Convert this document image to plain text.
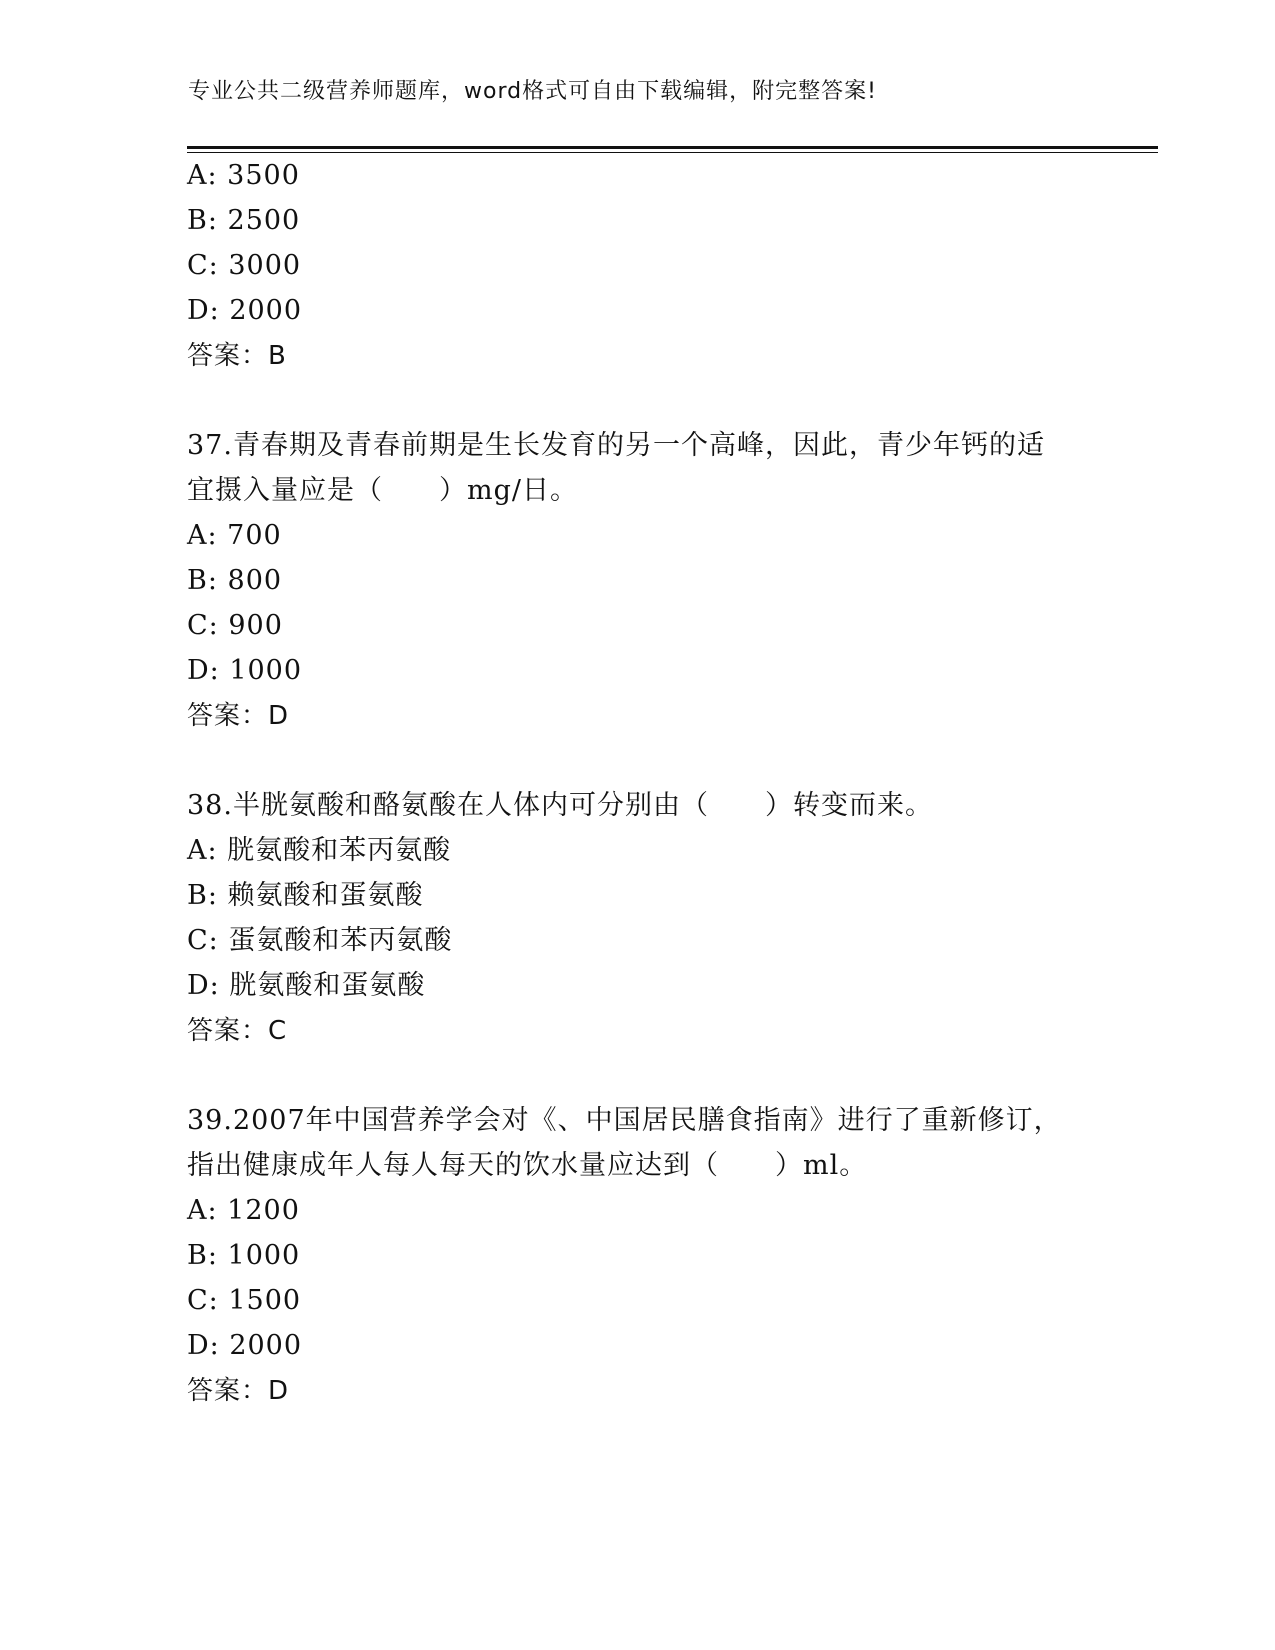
专业公共二级营养师题库，word格式可自由下载编辑，附完整答案!
A: 3500
B: 2500
C: 3000
D: 2000
答案：B
37.青春期及青春前期是生长发育的另一个高峰，因此，青少年钙的适
宜摄入量应是（　　）mg/日。
A: 700
B: 800
C: 900
D: 1000
答案：D
38.半胱氨酸和酪氨酸在人体内可分别由（　　）转变而来。
A: 胱氨酸和苯丙氨酸
B: 赖氨酸和蛋氨酸
C: 蛋氨酸和苯丙氨酸
D: 胱氨酸和蛋氨酸
答案：C
39.2007年中国营养学会对《、中国居民膳食指南》进行了重新修订，
指出健康成年人每人每天的饮水量应达到（　　）ml。
A: 1200
B: 1000
C: 1500
D: 2000
答案：D
